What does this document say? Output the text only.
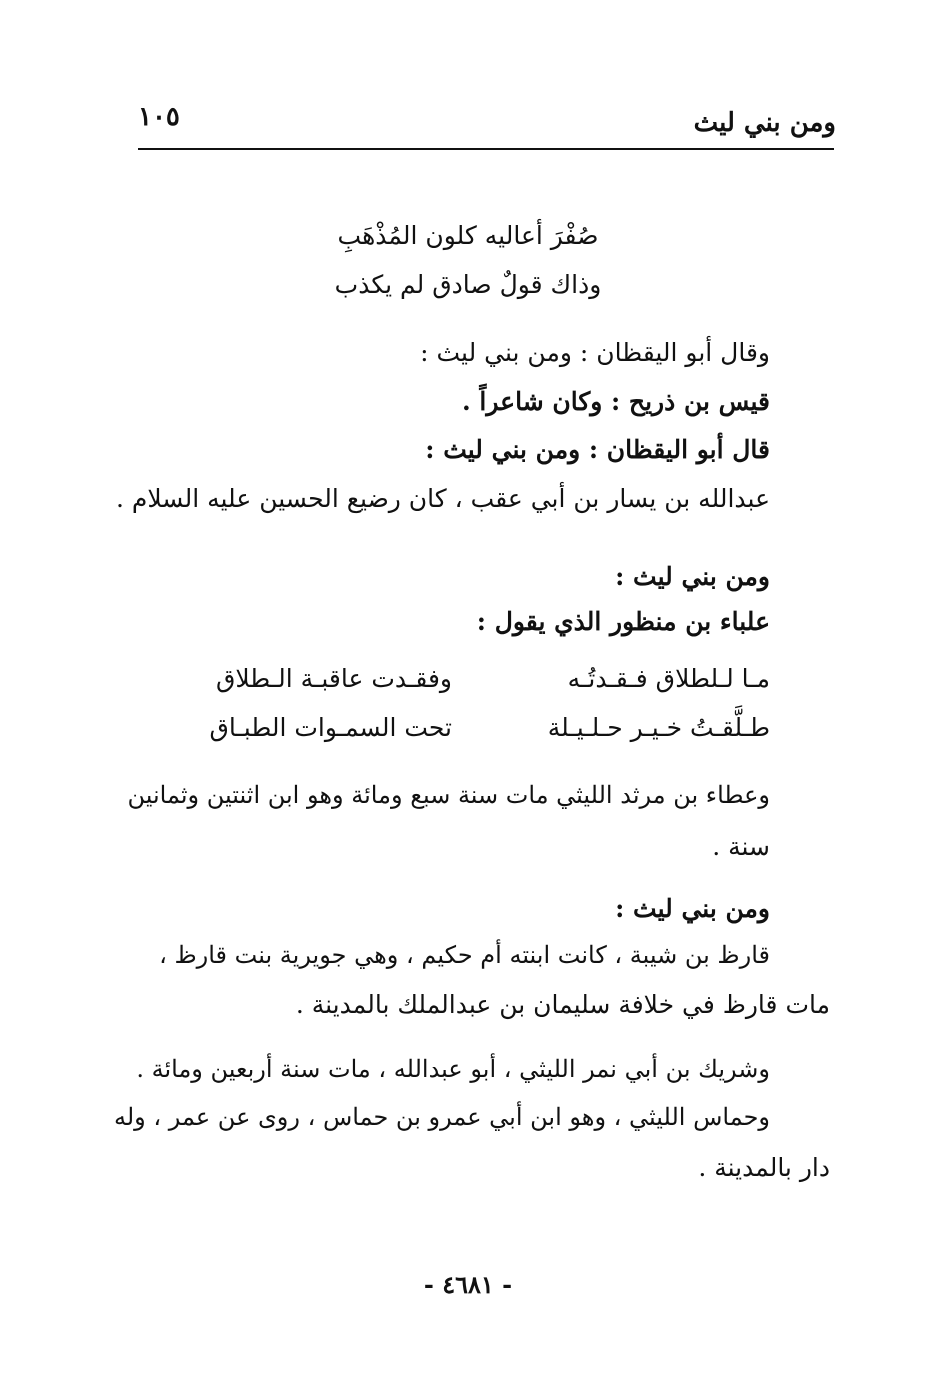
ومن بني ليث
١٠٥
صُفْرَ أعاليه كلون المُذْهَبِ
وذاك قولٌ صادق لم يكذب
وقال أبو اليقظان : ومن بني ليث :
قيس بن ذريح : وكان شاعراً .
قال أبو اليقظان : ومن بني ليث :
عبدالله بن يسار بن أبي عقب ، كان رضيع الحسين عليه السلام .
ومن بني ليث :
علباء بن منظور الذي يقول :
مـا لـلطلاق فـقـدتُـه
وفقـدت عاقبـة الـطلاق
طـلَّقـتُ خـيـر حـلـيـلة
تحت السمـوات الطبـاق
وعطاء بن مرثد الليثي مات سنة سبع ومائة وهو ابن اثنتين وثمانين
سنة .
ومن بني ليث :
قارظ بن شيبة ، كانت ابنته أم حكيم ، وهي جويرية بنت قارظ ،
مات قارظ في خلافة سليمان بن عبدالملك بالمدينة .
وشريك بن أبي نمر الليثي ، أبو عبدالله ، مات سنة أربعين ومائة .
وحماس الليثي ، وهو ابن أبي عمرو بن حماس ، روى عن عمر ، وله
دار بالمدينة .
- ٤٦٨١ -
